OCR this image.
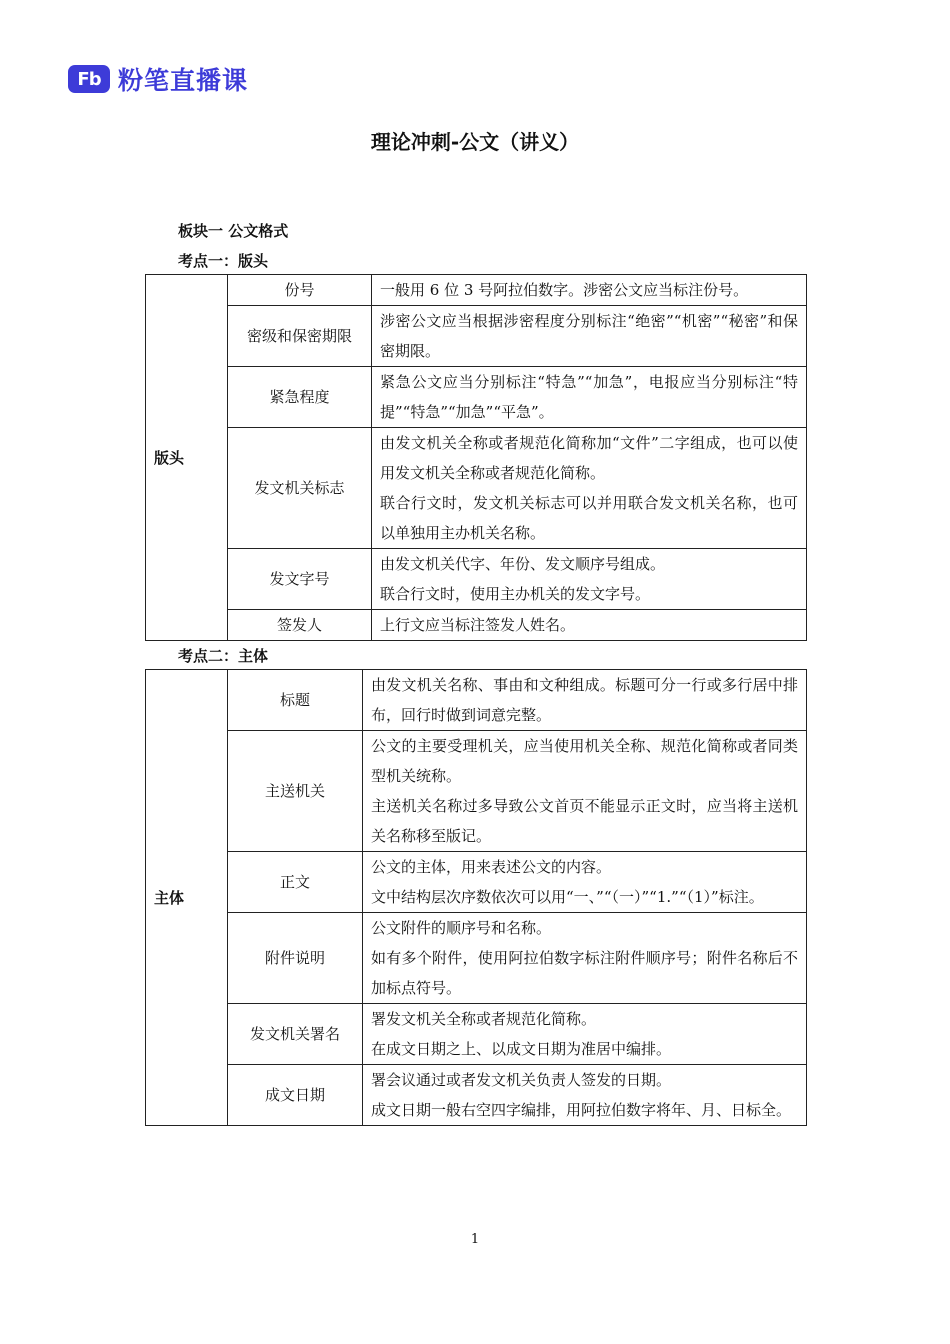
Fb 粉笔直播课
理论冲刺-公文（讲义）
板块一 公文格式
考点一：版头
版头	份号	一般用 6 位 3 号阿拉伯数字。涉密公文应当标注份号。

	密级和保密期限	涉密公文应当根据涉密程度分别标注“绝密”“机密”“秘密”和保密期限。

	紧急程度	紧急公文应当分别标注“特急”“加急”，电报应当分别标注“特提”“特急”“加急”“平急”。

	发文机关标志	由发文机关全称或者规范化简称加“文件”二字组成，也可以使用发文机关全称或者规范化简称。
联合行文时，发文机关标志可以并用联合发文机关名称，也可以单独用主办机关名称。

	发文字号	由发文机关代字、年份、发文顺序号组成。
联合行文时，使用主办机关的发文字号。

	签发人	上行文应当标注签发人姓名。
考点二：主体
主体	标题	由发文机关名称、事由和文种组成。标题可分一行或多行居中排布，回行时做到词意完整。

	主送机关	公文的主要受理机关，应当使用机关全称、规范化简称或者同类型机关统称。
主送机关名称过多导致公文首页不能显示正文时，应当将主送机关名称移至版记。

	正文	公文的主体，用来表述公文的内容。
文中结构层次序数依次可以用“一、”“（一）”“1.”“（1）”标注。

	附件说明	公文附件的顺序号和名称。
如有多个附件，使用阿拉伯数字标注附件顺序号；附件名称后不加标点符号。

	发文机关署名	署发文机关全称或者规范化简称。
在成文日期之上、以成文日期为准居中编排。

	成文日期	署会议通过或者发文机关负责人签发的日期。
成文日期一般右空四字编排，用阿拉伯数字将年、月、日标全。
1
